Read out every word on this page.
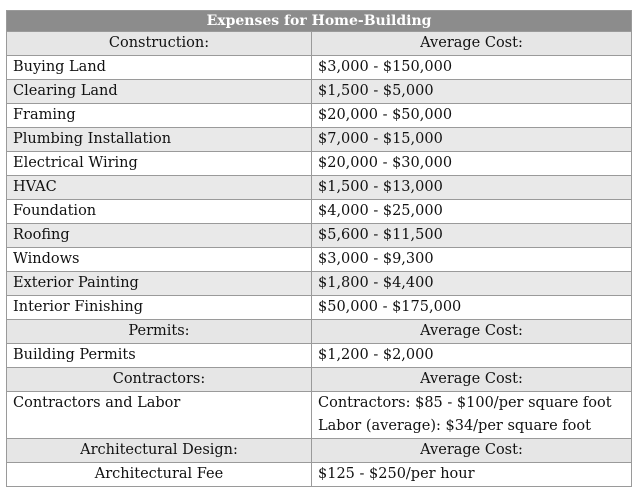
Expenses for Home-Building	
Construction:	Average Cost:
Buying Land	$3,000 - $150,000
Clearing Land	$1,500 - $5,000
Framing	$20,000 - $50,000
Plumbing Installation	$7,000 - $15,000
Electrical Wiring	$20,000 - $30,000
HVAC	$1,500 - $13,000
Foundation	$4,000 - $25,000
Roofing	$5,600 - $11,500
Windows	$3,000 - $9,300
Exterior Painting	$1,800 - $4,400
Interior Finishing	$50,000 - $175,000
Permits:	Average Cost:
Building Permits	$1,200 - $2,000
Contractors:	Average Cost:
Contractors and Labor	Contractors: $85 - $100/per square foot
Labor (average): $34/per square foot

Architectural Design:	Average Cost:
Architectural Fee	$125 - $250/per hour
